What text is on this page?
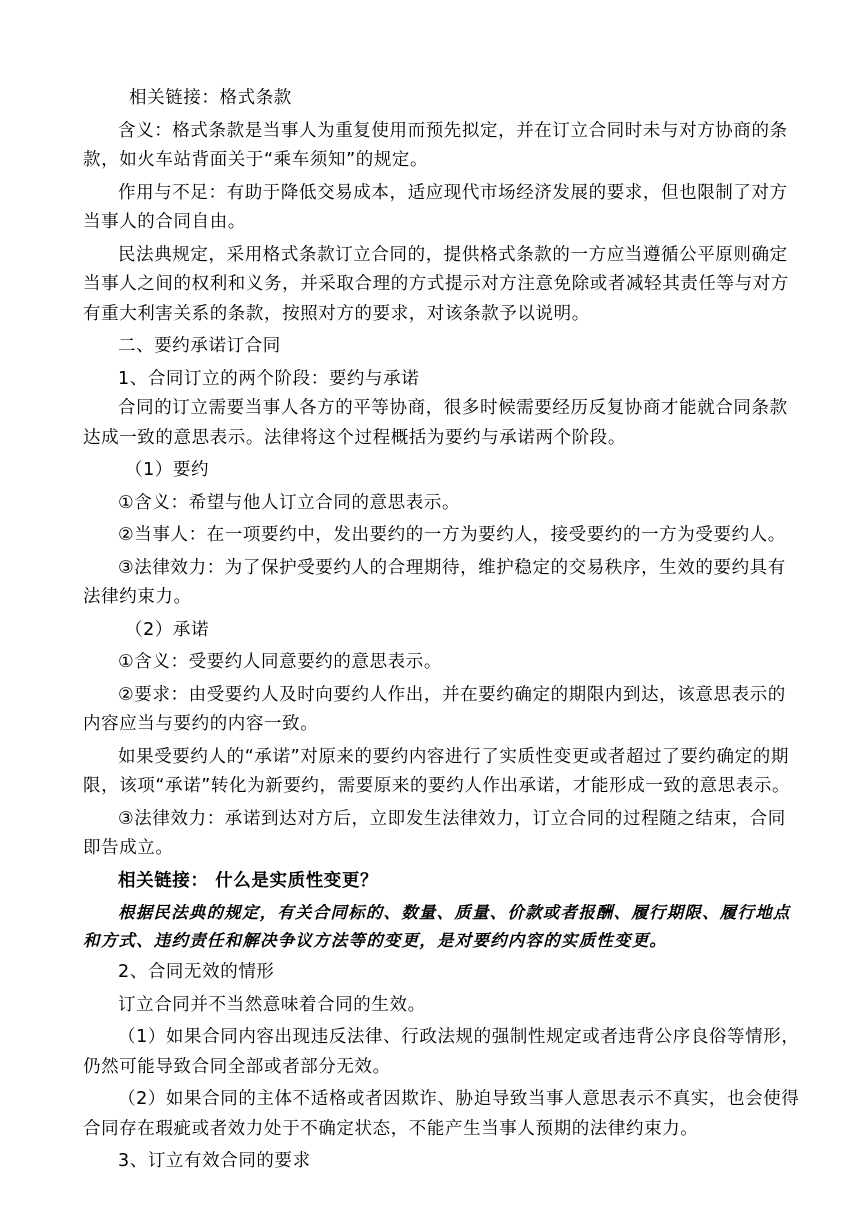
相关链接：格式条款

含义：格式条款是当事人为重复使用而预先拟定，并在订立合同时未与对方协商的条款，如火车站背面关于“乘车须知”的规定。

作用与不足：有助于降低交易成本，适应现代市场经济发展的要求，但也限制了对方当事人的合同自由。

民法典规定，采用格式条款订立合同的，提供格式条款的一方应当遵循公平原则确定当事人之间的权利和义务，并采取合理的方式提示对方注意免除或者减轻其责任等与对方有重大利害关系的条款，按照对方的要求，对该条款予以说明。

二、要约承诺订合同

1、合同订立的两个阶段：要约与承诺

合同的订立需要当事人各方的平等协商，很多时候需要经历反复协商才能就合同条款达成一致的意思表示。法律将这个过程概括为要约与承诺两个阶段。

（1）要约

①含义：希望与他人订立合同的意思表示。

②当事人：在一项要约中，发出要约的一方为要约人，接受要约的一方为受要约人。

③法律效力：为了保护受要约人的合理期待，维护稳定的交易秩序，生效的要约具有法律约束力。

（2）承诺

①含义：受要约人同意要约的意思表示。

②要求：由受要约人及时向要约人作出，并在要约确定的期限内到达，该意思表示的内容应当与要约的内容一致。

如果受要约人的“承诺”对原来的要约内容进行了实质性变更或者超过了要约确定的期限，该项“承诺”转化为新要约，需要原来的要约人作出承诺，才能形成一致的意思表示。

③法律效力：承诺到达对方后，立即发生法律效力，订立合同的过程随之结束，合同即告成立。

相关链接： 什么是实质性变更？

根据民法典的规定，有关合同标的、数量、质量、价款或者报酬、履行期限、履行地点和方式、违约责任和解决争议方法等的变更，是对要约内容的实质性变更。

2、合同无效的情形

订立合同并不当然意味着合同的生效。

（1）如果合同内容出现违反法律、行政法规的强制性规定或者违背公序良俗等情形，仍然可能导致合同全部或者部分无效。

（2）如果合同的主体不适格或者因欺诈、胁迫导致当事人意思表示不真实，也会使得合同存在瑕疵或者效力处于不确定状态，不能产生当事人预期的法律约束力。

3、订立有效合同的要求
